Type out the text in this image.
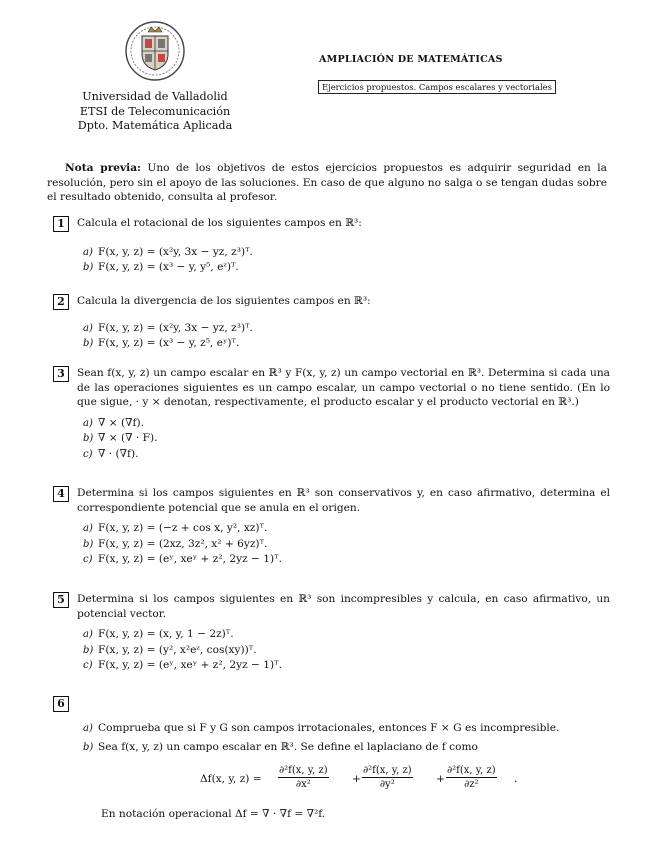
Universidad de Valladolid
ETSI de Telecomunicación
Dpto. Matemática Aplicada
AMPLIACIÓN DE MATEMÁTICAS
Ejercicios propuestos. Campos escalares y vectoriales
Nota previa: Uno de los objetivos de estos ejercicios propuestos es adquirir seguridad en la resolución, pero sin el apoyo de las soluciones. En caso de que alguno no salga o se tengan dudas sobre el resultado obtenido, consulta al profesor.
1	Calcula el rotacional de los siguientes campos en ℝ³:
a) F(x, y, z) = (x²y, 3x − yz, z³)ᵀ.
b) F(x, y, z) = (x³ − y, y⁵, eᶻ)ᵀ.
2	Calcula la divergencia de los siguientes campos en ℝ³:
a) F(x, y, z) = (x²y, 3x − yz, z³)ᵀ.
b) F(x, y, z) = (x³ − y, z⁵, eʸ)ᵀ.
3	Sean f(x, y, z) un campo escalar en ℝ³ y F(x, y, z) un campo vectorial en ℝ³. Determina si cada una de las operaciones siguientes es un campo escalar, un campo vectorial o no tiene sentido. (En lo que sigue, · y × denotan, respectivamente, el producto escalar y el producto vectorial en ℝ³.)
a) ∇ × (∇f).
b) ∇ × (∇ · F).
c) ∇ · (∇f).
4	Determina si los campos siguientes en ℝ³ son conservativos y, en caso afirmativo, determina el correspondiente potencial que se anula en el origen.
a) F(x, y, z) = (−z + cos x, y², xz)ᵀ.
b) F(x, y, z) = (2xz, 3z², x² + 6yz)ᵀ.
c) F(x, y, z) = (eʸ, xeʸ + z², 2yz − 1)ᵀ.
5	Determina si los campos siguientes en ℝ³ son incompresibles y calcula, en caso afirmativo, un potencial vector.
a) F(x, y, z) = (x, y, 1 − 2z)ᵀ.
b) F(x, y, z) = (y², x²eᶻ, cos(xy))ᵀ.
c) F(x, y, z) = (eʸ, xeʸ + z², 2yz − 1)ᵀ.
6

a) Comprueba que si F y G son campos irrotacionales, entonces F × G es incompresible.
b) Sea f(x, y, z) un campo escalar en ℝ³. Se define el laplaciano de f como
Δf(x, y, $z) = \frac{\text{∂²f(x, y, z)}}{\text{∂x²}} + \frac{\text{∂²f(x, y, z)}}{\text{∂y²}} + \frac{\text{∂²f(x, y, z)}}{\text{∂z²}}$ .
En notación operacional Δf = ∇ · ∇f = ∇²f.
